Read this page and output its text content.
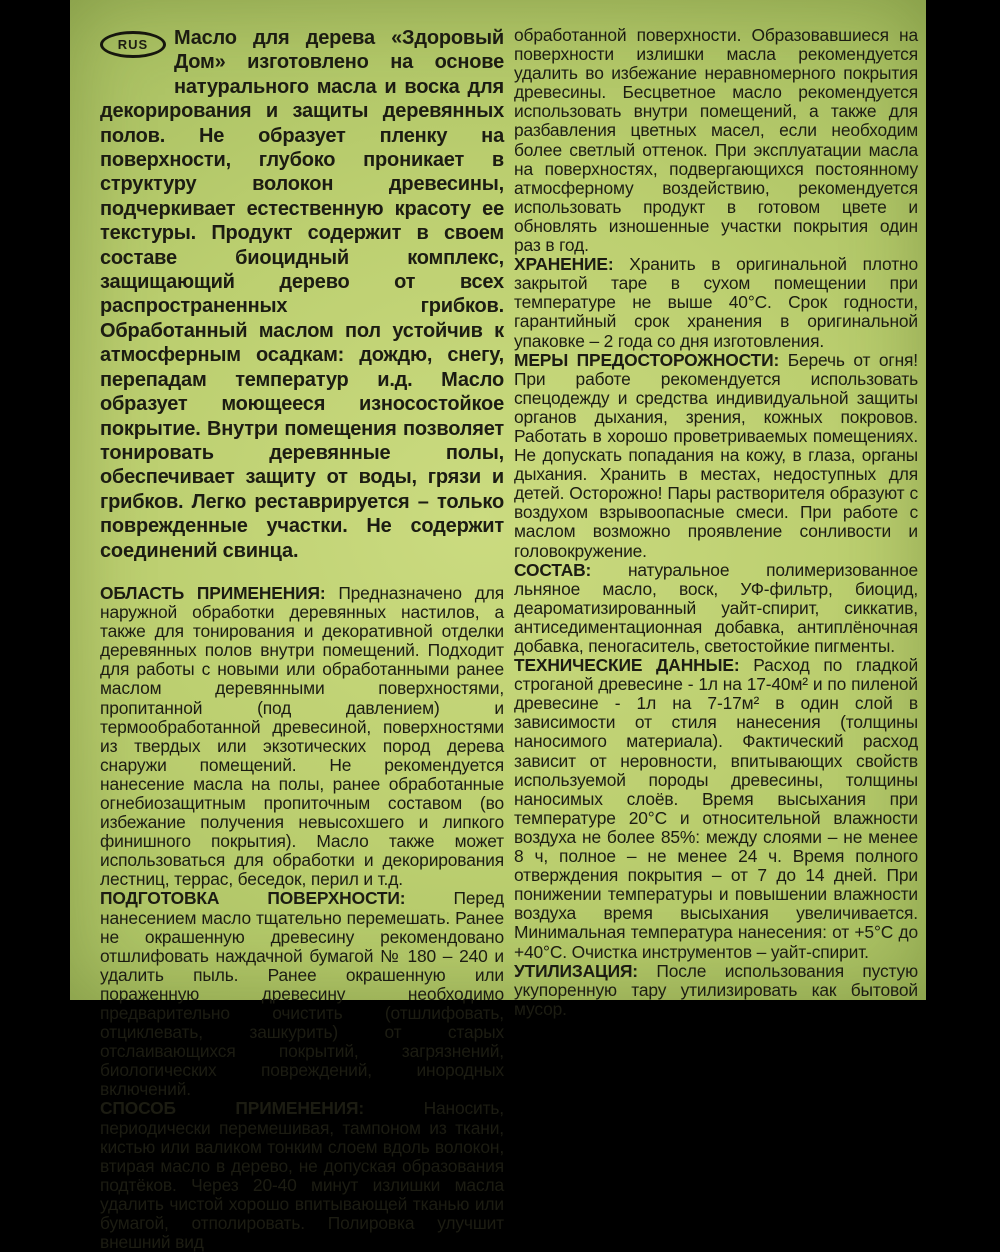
RUS	Масло для дерева «Здоровый Дом» изготовлено на основе натурального масла и воска для декорирования и защиты деревянных полов. Не образует пленку на поверхности, глубоко проникает в структуру волокон древесины, подчеркивает естественную красоту ее текстуры. Продукт содержит в своем составе биоцидный комплекс, защищающий дерево от всех распространенных грибков. Обработанный маслом пол устойчив к атмосферным осадкам: дождю, снегу, перепадам температур и.д. Масло образует моющееся износостойкое покрытие. Внутри помещения позволяет тонировать деревянные полы, обеспечивает защиту от воды, грязи и грибков. Легко реставрируется – только поврежденные участки. Не содержит соединений свинца.

ОБЛАСТЬ ПРИМЕНЕНИЯ: Предназначено для наружной обработки деревянных настилов, а также для тонирования и декоративной отделки деревянных полов внутри помещений. Подходит для работы с новыми или обработанными ранее маслом деревянными поверхностями, пропитанной (под давлением) и термообработанной древесиной, поверхностями из твердых или экзотических пород дерева снаружи помещений. Не рекомендуется нанесение масла на полы, ранее обработанные огнебиозащитным пропиточным составом (во избежание получения невысохшего и липкого финишного покрытия). Масло также может использоваться для обработки и декорирования лестниц, террас, беседок, перил и т.д.

ПОДГОТОВКА ПОВЕРХНОСТИ:	Перед нанесением масло тщательно перемешать. Ранее не окрашенную древесину рекомендовано отшлифовать наждачной бумагой № 180 – 240 и удалить пыль. Ранее окрашенную или пораженную древесину необходимо предварительно очистить (отшлифовать, отциклевать, зашкурить) от старых отслаивающихся покрытий, загрязнений, биологических повреждений, инородных включений.

СПОСОБ ПРИМЕНЕНИЯ:	Наносить, периодически перемешивая, тампоном из ткани, кистью или валиком тонким слоем вдоль волокон, втирая масло в дерево, не допуская образования подтёков. Через 20-40 минут излишки масла удалить чистой хорошо впитывающей тканью или бумагой, отполировать. Полировка улучшит внешний вид

обработанной поверхности. Образовавшиеся на поверхности излишки масла рекомендуется удалить во избежание неравномерного покрытия древесины. Бесцветное масло рекомендуется использовать внутри помещений, а также для разбавления цветных масел, если необходим более светлый оттенок. При эксплуатации масла на поверхностях, подвергающихся постоянному атмосферному воздействию, рекомендуется использовать продукт в готовом цвете и обновлять изношенные участки покрытия один раз в год.

ХРАНЕНИЕ: Хранить в оригинальной плотно закрытой таре в сухом помещении при температуре не выше 40°С. Срок годности, гарантийный срок хранения в оригинальной упаковке – 2 года со дня изготовления.

МЕРЫ ПРЕДОСТОРОЖНОСТИ: Беречь от огня! При работе рекомендуется использовать спецодежду и средства индивидуальной защиты органов дыхания, зрения, кожных покровов. Работать в хорошо проветриваемых помещениях. Не допускать попадания на кожу, в глаза, органы дыхания. Хранить в местах, недоступных для детей. Осторожно! Пары растворителя образуют с воздухом взрывоопасные смеси. При работе с маслом возможно проявление сонливости и головокружение.

СОСТАВ: натуральное полимеризованное льняное масло, воск, УФ-фильтр, биоцид, деароматизированный уайт-спирит, сиккатив, антиседиментационная добавка, антиплёночная добавка, пеногаситель, светостойкие пигменты.

ТЕХНИЧЕСКИЕ ДАННЫЕ: Расход по гладкой строганой древесине - 1л на 17-40м² и по пиленой древесине - 1л на 7-17м² в один слой в зависимости от стиля нанесения (толщины наносимого материала). Фактический расход зависит от неровности, впитывающих свойств используемой породы древесины, толщины наносимых слоёв. Время высыхания при температуре 20°С и относительной влажности воздуха не более 85%: между слоями – не менее 8 ч, полное – не менее 24 ч. Время полного отверждения покрытия – от 7 до 14 дней. При понижении температуры и повышении влажности воздуха время высыхания увеличивается. Минимальная температура нанесения: от +5°С до +40°С. Очистка инструментов – уайт-спирит.

УТИЛИЗАЦИЯ: После использования пустую укупоренную тару утилизировать как бытовой мусор.
